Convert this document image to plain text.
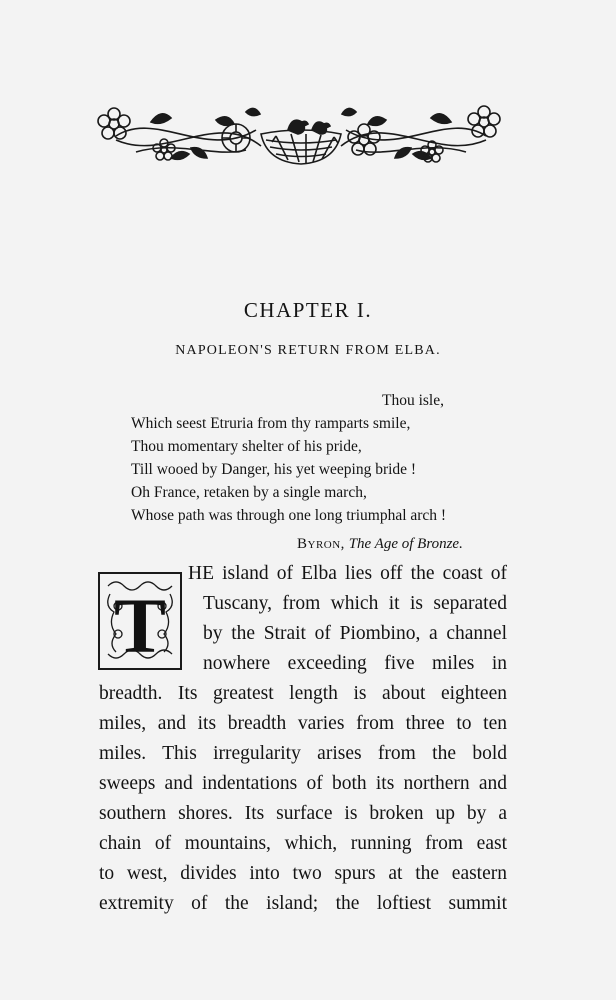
CHAPTER I.
NAPOLEON'S RETURN FROM ELBA.
Thou isle,
Which seest Etruria from thy ramparts smile,
Thou momentary shelter of his pride,
Till wooed by Danger, his yet weeping bride !
Oh France, retaken by a single march,
Whose path was through one long triumphal arch !
Byron, The Age of Bronze.
T
HE island of Elba lies off the coast of
Tuscany, from which it is separated
by the Strait of Piombino, a channel
nowhere exceeding five miles in
breadth. Its greatest length is about eighteen
miles, and its breadth varies from three to ten
miles. This irregularity arises from the bold
sweeps and indentations of both its northern and
southern shores. Its surface is broken up by a
chain of mountains, which, running from east
to west, divides into two spurs at the eastern
extremity of the island; the loftiest summit
